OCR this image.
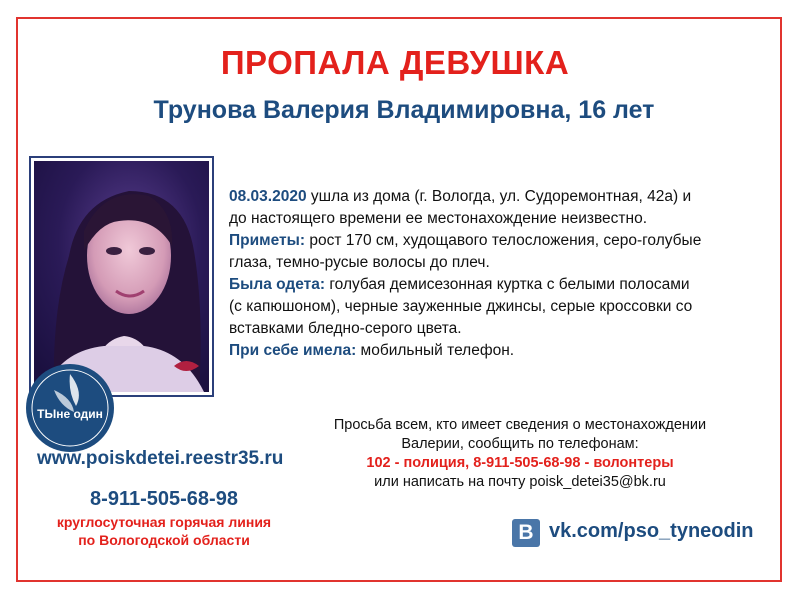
ПРОПАЛА ДЕВУШКА
Трунова Валерия Владимировна, 16 лет

08.03.2020 ушла из дома (г. Вологда, ул. Судоремонтная, 42а) и
до настоящего времени ее местонахождение неизвестно.

Приметы: рост 170 см, худощавого телосложения, серо-голубые
глаза, темно-русые волосы до плеч.

Была одета: голубая демисезонная куртка с белыми полосами
(с капюшоном), черные зауженные джинсы, серые кроссовки со
вставками бледно-серого цвета.

При себе имела: мобильный телефон.

ТЫне один
www.poiskdetei.reestr35.ru
8-911-505-68-98
круглосуточная горячая линия
по Вологодской области
Просьба всем, кто имеет сведения о местонахождении
Валерии, сообщить по телефонам:
102 - полиция, 8-911-505-68-98 - волонтеры
или написать на почту poisk_detei35@bk.ru
B vk.com/pso_tyneodin
